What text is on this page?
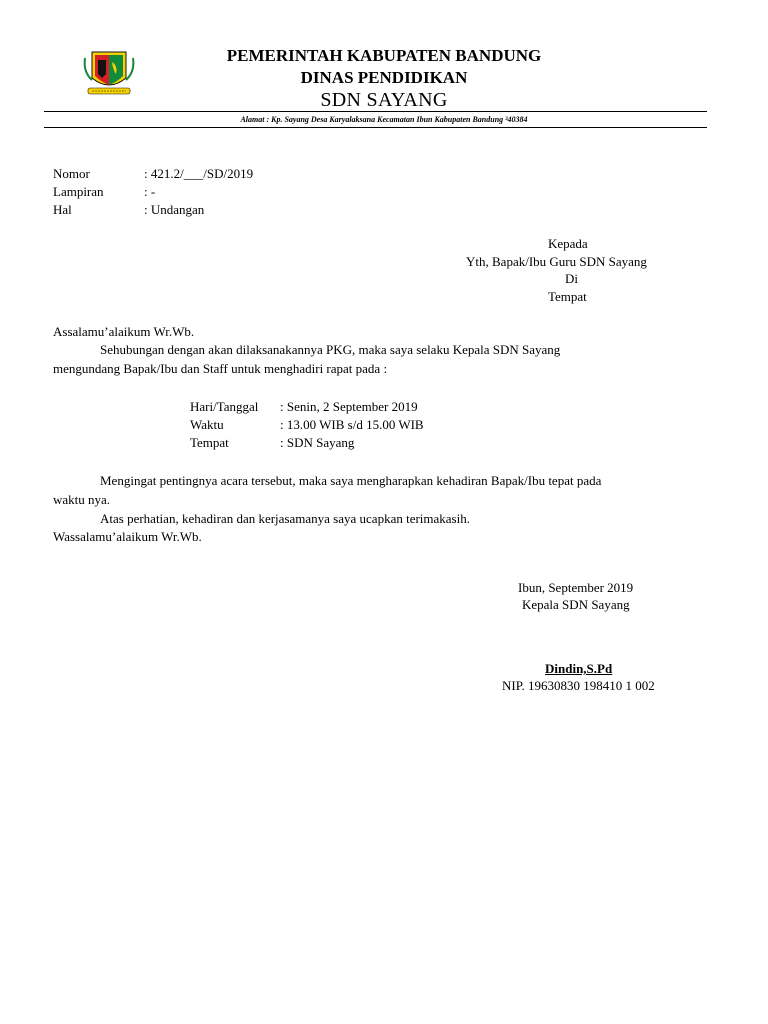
PEMERINTAH KABUPATEN BANDUNG
DINAS PENDIDIKAN
SDN SAYANG
Alamat : Kp. Sayang Desa Karyalaksana Kecamatan Ibun Kabupaten Bandung ³40384
Nomor	: 421.2/___/SD/2019
Lampiran	: -
Hal	: Undangan
Kepada
Yth, Bapak/Ibu Guru SDN Sayang
Di
Tempat
Assalamu’alaikum Wr.Wb.
Sehubungan dengan akan dilaksanakannya PKG, maka saya selaku Kepala SDN Sayang
mengundang Bapak/Ibu dan Staff untuk menghadiri rapat pada :
Hari/Tanggal : Senin, 2 September 2019
Waktu	: 13.00 WIB s/d 15.00 WIB
Tempat	: SDN Sayang
Mengingat pentingnya acara tersebut, maka saya mengharapkan kehadiran Bapak/Ibu tepat pada
waktu nya.
Atas perhatian, kehadiran dan kerjasamanya saya ucapkan terimakasih.
Wassalamu’alaikum Wr.Wb.
Ibun, September 2019
Kepala SDN Sayang
Dindin,S.Pd
NIP. 19630830 198410 1 002
